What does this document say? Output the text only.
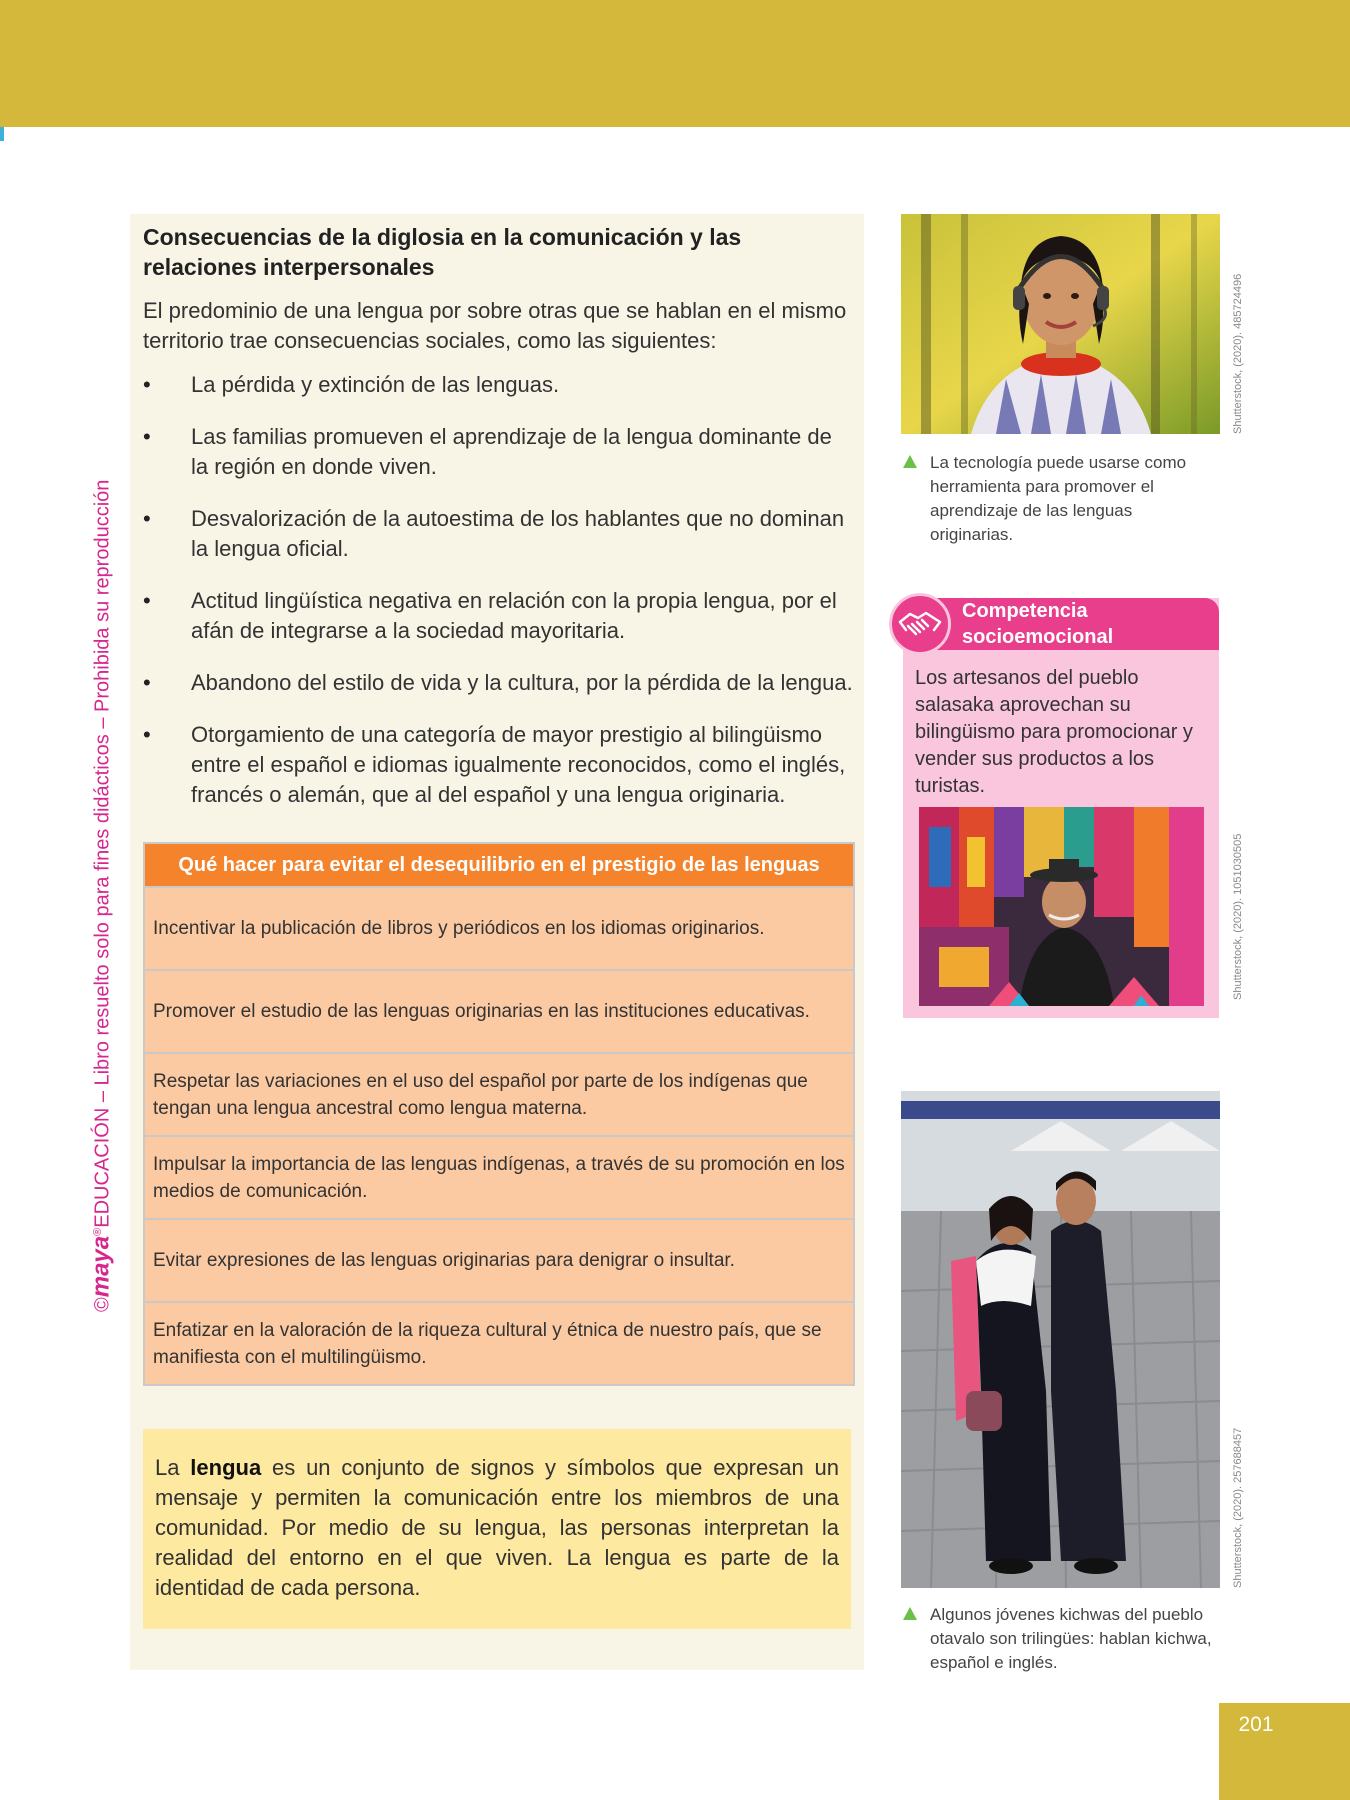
©maya®EDUCACIÓN – Libro resuelto solo para fines didácticos – Prohibida su reproducción
Consecuencias de la diglosia en la comunicación y las relaciones interpersonales
El predominio de una lengua por sobre otras que se hablan en el mismo territorio trae consecuencias sociales, como las siguientes:
• La pérdida y extinción de las lenguas.
• Las familias promueven el aprendizaje de la lengua dominante de la región en donde viven.
• Desvalorización de la autoestima de los hablantes que no dominan la lengua oficial.
• Actitud lingüística negativa en relación con la propia lengua, por el afán de integrarse a la sociedad mayoritaria.
• Abandono del estilo de vida y la cultura, por la pérdida de la lengua.
• Otorgamiento de una categoría de mayor prestigio al bilingüismo entre el español e idiomas igualmente reconocidos, como el inglés, francés o alemán, que al del español y una lengua originaria.
Qué hacer para evitar el desequilibrio en el prestigio de las lenguas
Incentivar la publicación de libros y periódicos en los idiomas originarios.
Promover el estudio de las lenguas originarias en las instituciones educativas.
Respetar las variaciones en el uso del español por parte de los indígenas que tengan una lengua ancestral como lengua materna.
Impulsar la importancia de las lenguas indígenas, a través de su promoción en los medios de comunicación.
Evitar expresiones de las lenguas originarias para denigrar o insultar.
Enfatizar en la valoración de la riqueza cultural y étnica de nuestro país, que se manifiesta con el multilingüismo.
La lengua es un conjunto de signos y símbolos que expresan un mensaje y permiten la comunicación entre los miembros de una comunidad. Por medio de su lengua, las personas interpretan la realidad del entorno en el que viven. La lengua es parte de la identidad de cada persona.
Shutterstock, (2020). 485724496
La tecnología puede usarse como herramienta para promover el aprendizaje de las lenguas originarias.
Competencia socioemocional
Los artesanos del pueblo salasaka aprovechan su bilingüismo para promocionar y vender sus productos a los turistas.
Shutterstock, (2020). 1051030505
Shutterstock, (2020). 257688457
Algunos jóvenes kichwas del pueblo otavalo son trilingües: hablan kichwa, español e inglés.
201
